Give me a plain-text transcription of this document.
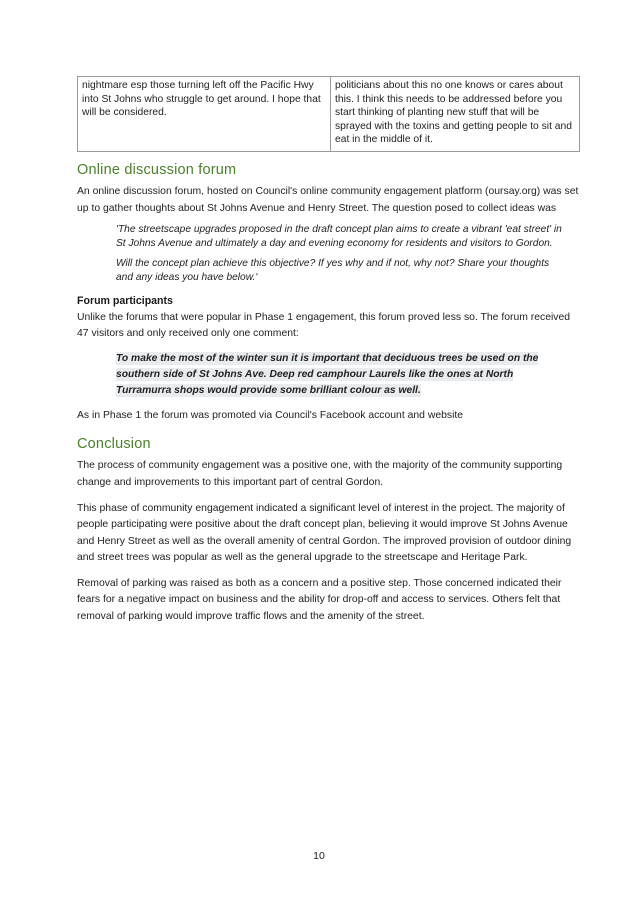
nightmare esp those turning left off the Pacific Hwy into St Johns who struggle to get around. I hope that will be considered.	politicians about this no one knows or cares about this. I think this needs to be addressed before you start thinking of planting new stuff that will be sprayed with the toxins and getting people to sit and eat in the middle of it.
Online discussion forum

An online discussion forum, hosted on Council's online community engagement platform (oursay.org) was set up to gather thoughts about St Johns Avenue and Henry Street. The question posed to collect ideas was

'The streetscape upgrades proposed in the draft concept plan aims to create a vibrant 'eat street' in St Johns Avenue and ultimately a day and evening economy for residents and visitors to Gordon.

Will the concept plan achieve this objective? If yes why and if not, why not? Share your thoughts and any ideas you have below.'

Forum participants

Unlike the forums that were popular in Phase 1 engagement, this forum proved less so. The forum received 47 visitors and only received only one comment:

To make the most of the winter sun it is important that deciduous trees be used on the southern side of St Johns Ave. Deep red camphour Laurels like the ones at North Turramurra shops would provide some brilliant colour as well.

As in Phase 1 the forum was promoted via Council's Facebook account and website

Conclusion

The process of community engagement was a positive one, with the majority of the community supporting change and improvements to this important part of central Gordon.

This phase of community engagement indicated a significant level of interest in the project. The majority of people participating were positive about the draft concept plan, believing it would improve St Johns Avenue and Henry Street as well as the overall amenity of central Gordon. The improved provision of outdoor dining and street trees was popular as well as the general upgrade to the streetscape and Heritage Park.

Removal of parking was raised as both as a concern and a positive step. Those concerned indicated their fears for a negative impact on business and the ability for drop-off and access to services. Others felt that removal of parking would improve traffic flows and the amenity of the street.

10
